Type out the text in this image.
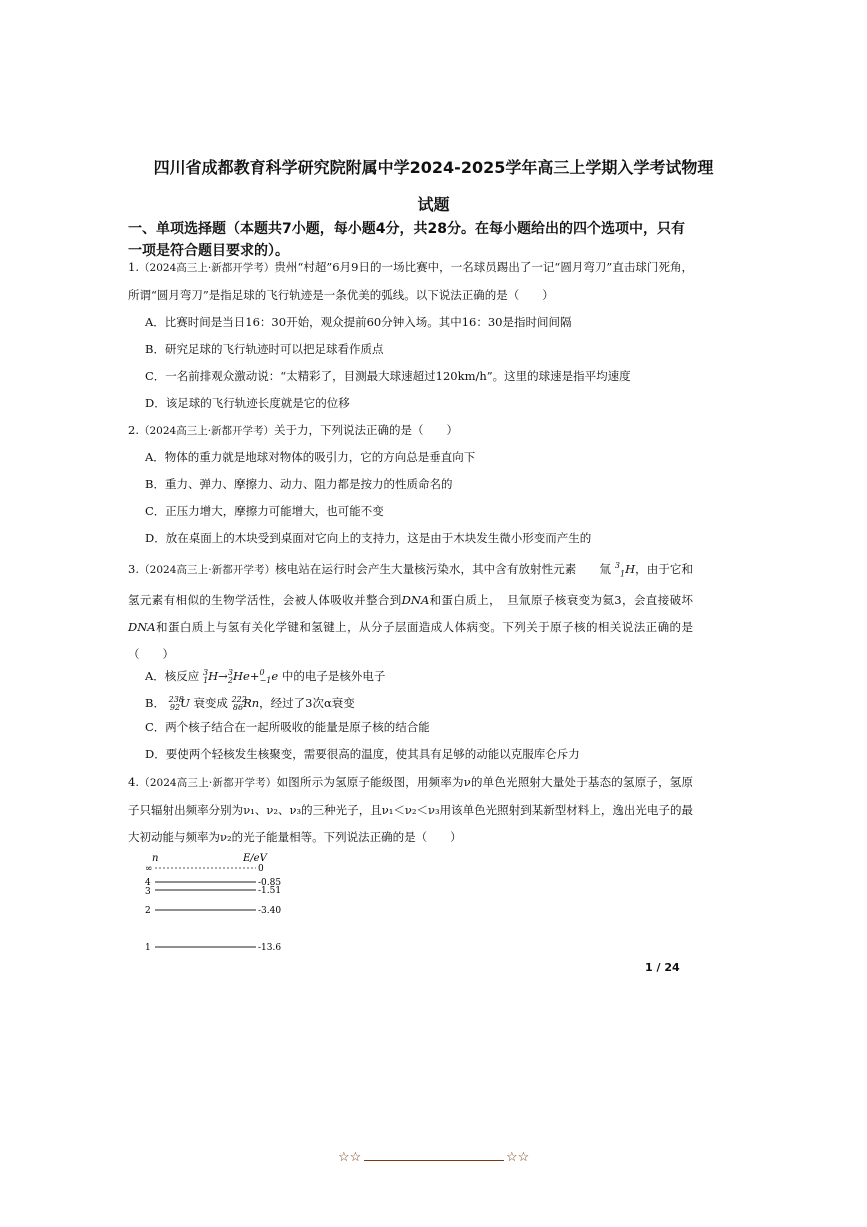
四川省成都教育科学研究院附属中学2024-2025学年高三上学期入学考试物理
试题
一、单项选择题（本题共7小题，每小题4分，共28分。在每小题给出的四个选项中，只有
一项是符合题目要求的）。
1.（2024高三上·新都开学考）贵州“村超”6月9日的一场比赛中，一名球员踢出了一记“圆月弯刀”直击球门死角，所谓“圆月弯刀”是指足球的飞行轨迹是一条优美的弧线。以下说法正确的是（　　）
A．比赛时间是当日16：30开始，观众提前60分钟入场。其中16：30是指时间间隔
B．研究足球的飞行轨迹时可以把足球看作质点
C．一名前排观众激动说：“太精彩了，目测最大球速超过120km/h”。这里的球速是指平均速度
D．该足球的飞行轨迹长度就是它的位移
2.（2024高三上·新都开学考）关于力，下列说法正确的是（　　）
A．物体的重力就是地球对物体的吸引力，它的方向总是垂直向下
B．重力、弹力、摩擦力、动力、阻力都是按力的性质命名的
C．正压力增大，摩擦力可能增大，也可能不变
D．放在桌面上的木块受到桌面对它向上的支持力，这是由于木块发生微小形变而产生的
3.（2024高三上·新都开学考）核电站在运行时会产生大量核污染水，其中含有放射性元素　　氚 $^3_1$H，由于它和氢元素有相似的生物学活性，会被人体吸收并整合到DNA和蛋白质上，　旦氚原子核衰变为氦3，会直接破坏DNA和蛋白质上与氢有关化学键和氢键上，从分子层面造成人体病变。下列关于原子核的相关说法正确的是（　　）
A．核反应 $^3_1$H→$^3_2$He+$^0_{-1}$e 中的电子是核外电子
B． $^{238}_{92}$U 衰变成 $^{222}_{86}$Rn，经过了3次α衰变
C．两个核子结合在一起所吸收的能量是原子核的结合能
D．要使两个轻核发生核聚变，需要很高的温度，使其具有足够的动能以克服库仑斥力
4.（2024高三上·新都开学考）如图所示为氢原子能级图，用频率为ν的单色光照射大量处于基态的氢原子，氢原子只辐射出频率分别为ν₁、ν₂、ν₃的三种光子，且ν₁＜ν₂＜ν₃用该单色光照射到某新型材料上，逸出光电子的最大初动能与频率为ν₂的光子能量相等。下列说法正确的是（　　）
n	E/eV
∞	0
4	-0.85
3	-1.51
2	-3.40
1	-13.6
1 / 24
☆☆	☆☆
